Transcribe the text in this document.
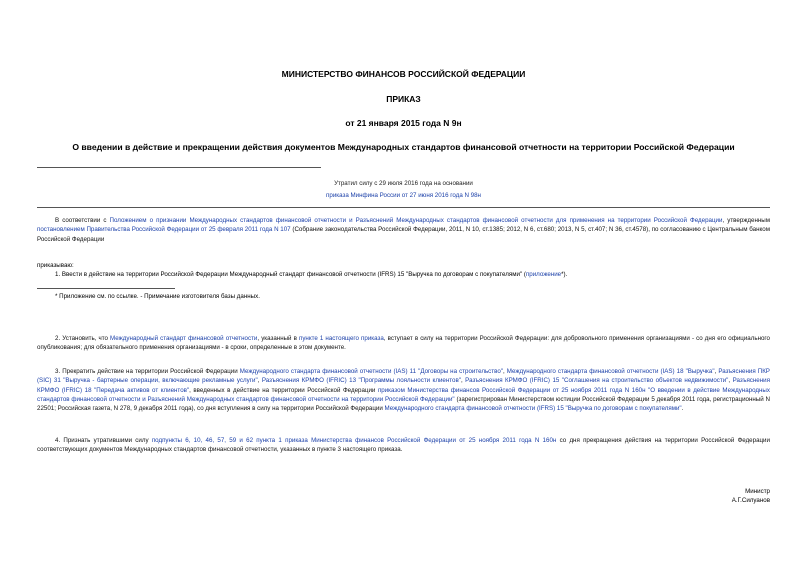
МИНИСТЕРСТВО ФИНАНСОВ РОССИЙСКОЙ ФЕДЕРАЦИИ
ПРИКАЗ
от 21 января 2015 года N 9н
О введении в действие и прекращении действия документов Международных стандартов финансовой отчетности на территории Российской Федерации
Утратил силу с 29 июля 2016 года на основании
приказа Минфина России от 27 июня 2016 года N 98н
В соответствии с Положением о признании Международных стандартов финансовой отчетности и Разъяснений Международных стандартов финансовой отчетности для применения на территории Российской Федерации, утвержденным постановлением Правительства Российской Федерации от 25 февраля 2011 года N 107 (Собрание законодательства Российской Федерации, 2011, N 10, ст.1385; 2012, N 6, ст.680; 2013, N 5, ст.407; N 36, ст.4578), по согласованию с Центральным банком Российской Федерации
приказываю:
1. Ввести в действие на территории Российской Федерации Международный стандарт финансовой отчетности (IFRS) 15 "Выручка по договорам с покупателями" (приложение*).
* Приложение см. по ссылке. - Примечание изготовителя базы данных.
2. Установить, что Международный стандарт финансовой отчетности, указанный в пункте 1 настоящего приказа, вступает в силу на территории Российской Федерации: для добровольного применения организациями - со дня его официального опубликования; для обязательного применения организациями - в сроки, определенные в этом документе.
3. Прекратить действие на территории Российской Федерации Международного стандарта финансовой отчетности (IAS) 11 "Договоры на строительство", Международного стандарта финансовой отчетности (IAS) 18 "Выручка", Разъяснения ПКР (SIC) 31 "Выручка - бартерные операции, включающие рекламные услуги", Разъяснения КРМФО (IFRIC) 13 "Программы лояльности клиентов", Разъяснения КРМФО (IFRIC) 15 "Соглашения на строительство объектов недвижимости", Разъяснения КРМФО (IFRIC) 18 "Передача активов от клиентов", введенных в действие на территории Российской Федерации приказом Министерства финансов Российской Федерации от 25 ноября 2011 года N 160н "О введении в действие Международных стандартов финансовой отчетности и Разъяснений Международных стандартов финансовой отчетности на территории Российской Федерации" (зарегистрирован Министерством юстиции Российской Федерации 5 декабря 2011 года, регистрационный N 22501; Российская газета, N 278, 9 декабря 2011 года), со дня вступления в силу на территории Российской Федерации Международного стандарта финансовой отчетности (IFRS) 15 "Выручка по договорам с покупателями".
4. Признать утратившими силу подпункты 6, 10, 46, 57, 59 и 62 пункта 1 приказа Министерства финансов Российской Федерации от 25 ноября 2011 года N 160н со дня прекращения действия на территории Российской Федерации соответствующих документов Международных стандартов финансовой отчетности, указанных в пункте 3 настоящего приказа.
Министр
А.Г.Силуанов
